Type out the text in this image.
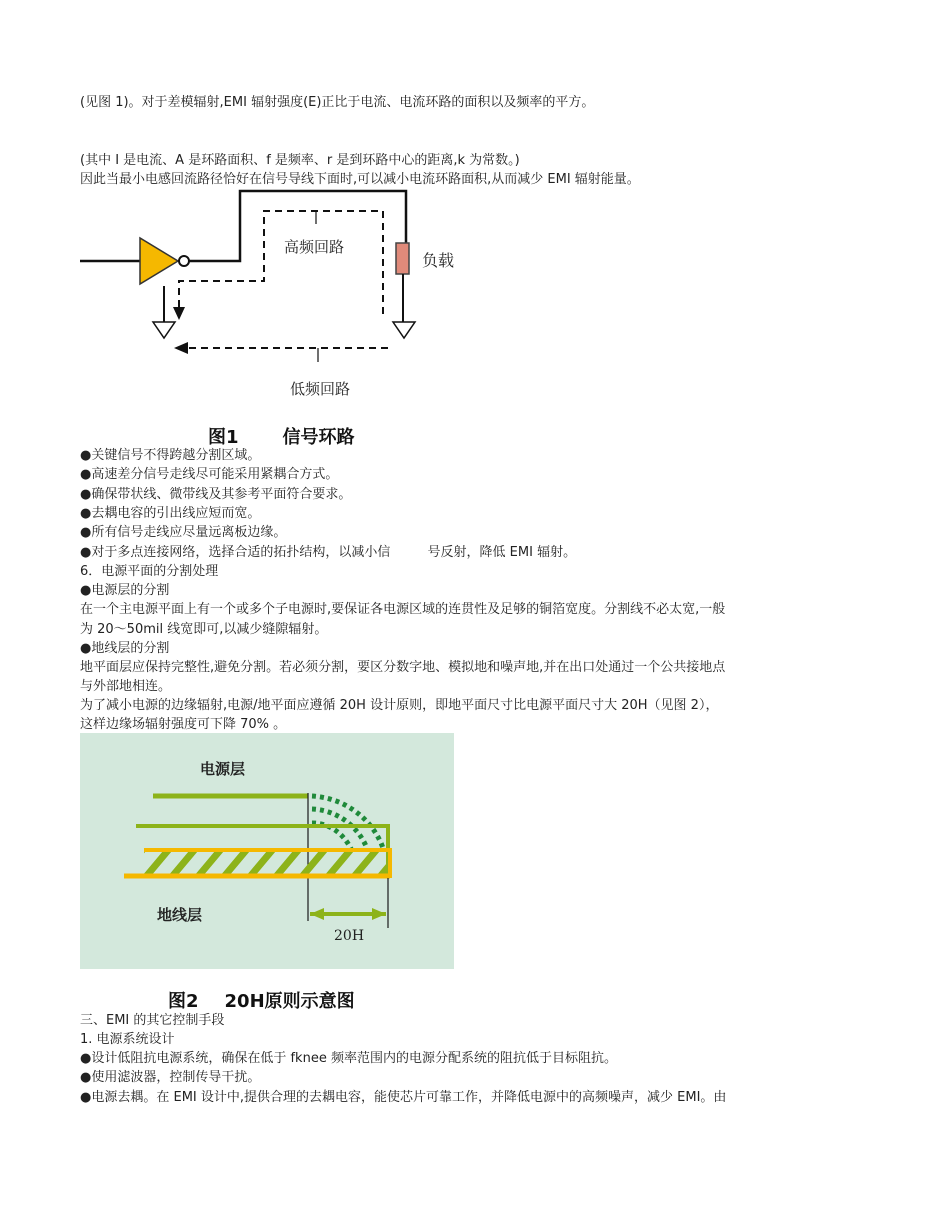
(见图 1)。对于差模辐射,EMI 辐射强度(E)正比于电流、电流环路的面积以及频率的平方。
(其中 I 是电流、A 是环路面积、f 是频率、r 是到环路中心的距离,k 为常数。)
因此当最小电感回流路径恰好在信号导线下面时,可以减小电流环路面积,从而减少 EMI 辐射能量。
高频回路
负载
低频回路
图1 信号环路
●关键信号不得跨越分割区域。
●高速差分信号走线尽可能采用紧耦合方式。
●确保带状线、微带线及其参考平面符合要求。
●去耦电容的引出线应短而宽。
●所有信号走线应尽量远离板边缘。
●对于多点连接网络，选择合适的拓扑结构，以减小信         号反射，降低 EMI 辐射。
6．电源平面的分割处理
●电源层的分割
在一个主电源平面上有一个或多个子电源时,要保证各电源区域的连贯性及足够的铜箔宽度。分割线不必太宽,一般
为 20～50mil 线宽即可,以减少缝隙辐射。
●地线层的分割
地平面层应保持完整性,避免分割。若必须分割，要区分数字地、模拟地和噪声地,并在出口处通过一个公共接地点
与外部地相连。
为了减小电源的边缘辐射,电源/地平面应遵循 20H 设计原则，即地平面尺寸比电源平面尺寸大 20H（见图 2），
这样边缘场辐射强度可下降 70% 。
电源层
地线层
20H
图2 20H原则示意图
三、EMI 的其它控制手段
1. 电源系统设计
●设计低阻抗电源系统，确保在低于 fknee 频率范围内的电源分配系统的阻抗低于目标阻抗。
●使用滤波器，控制传导干扰。
●电源去耦。在 EMI 设计中,提供合理的去耦电容，能使芯片可靠工作，并降低电源中的高频噪声，减少 EMI。由
